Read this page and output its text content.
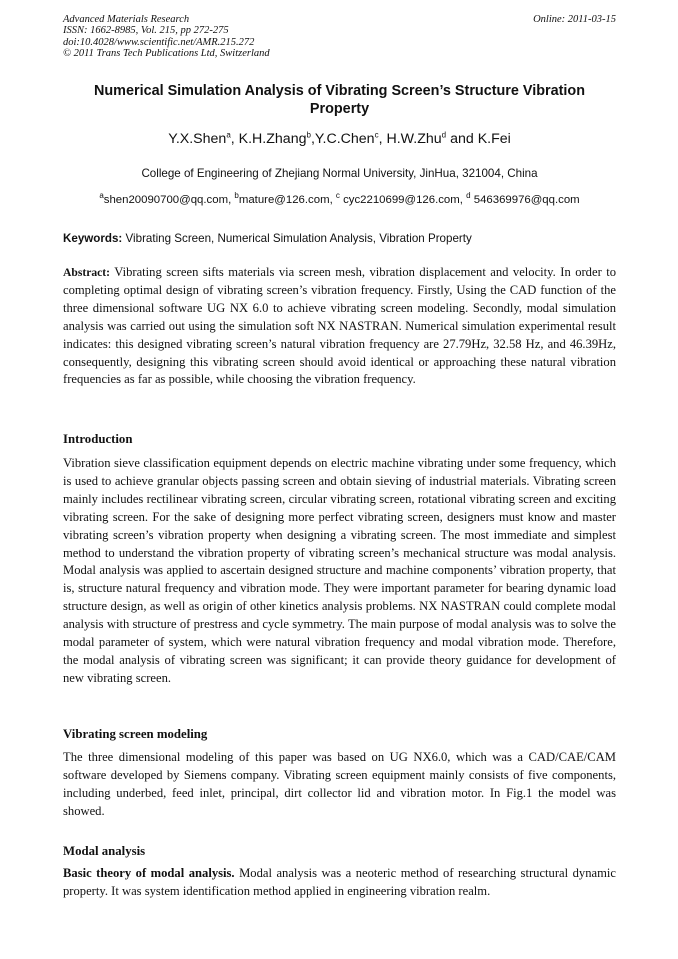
Advanced Materials Research
ISSN: 1662-8985, Vol. 215, pp 272-275
doi:10.4028/www.scientific.net/AMR.215.272
© 2011 Trans Tech Publications Ltd, Switzerland
Online: 2011-03-15
Numerical Simulation Analysis of Vibrating Screen’s Structure Vibration Property
Y.X.Shen$^a$, K.H.Zhang$^b$,Y.C.Chen$^c$, H.W.Zhu$^d$ and K.Fei
College of Engineering of Zhejiang Normal University, JinHua, 321004, China
$^a$shen20090700@qq.com, $^b$mature@126.com, $^c$ cyc2210699@126.com, $^d$ 546369976@qq.com
Keywords: Vibrating Screen, Numerical Simulation Analysis, Vibration Property
Abstract: Vibrating screen sifts materials via screen mesh, vibration displacement and velocity. In order to completing optimal design of vibrating screen’s vibration frequency. Firstly, Using the CAD function of the three dimensional software UG NX 6.0 to achieve vibrating screen modeling. Secondly, modal simulation analysis was carried out using the simulation soft NX NASTRAN. Numerical simulation experimental result indicates: this designed vibrating screen’s natural vibration frequency are 27.79Hz, 32.58 Hz, and 46.39Hz, consequently, designing this vibrating screen should avoid identical or approaching these natural vibration frequencies as far as possible, while choosing the vibration frequency.
Introduction
Vibration sieve classification equipment depends on electric machine vibrating under some frequency, which is used to achieve granular objects passing screen and obtain sieving of industrial materials. Vibrating screen mainly includes rectilinear vibrating screen, circular vibrating screen, rotational vibrating screen and exciting vibrating screen. For the sake of designing more perfect vibrating screen, designers must know and master vibrating screen’s vibration property when designing a vibrating screen. The most immediate and simplest method to understand the vibration property of vibrating screen’s mechanical structure was modal analysis. Modal analysis was applied to ascertain designed structure and machine components’ vibration property, that is, structure natural frequency and vibration mode. They were important parameter for bearing dynamic load structure design, as well as origin of other kinetics analysis problems. NX NASTRAN could complete modal analysis with structure of prestress and cycle symmetry. The main purpose of modal analysis was to solve the modal parameter of system, which were natural vibration frequency and modal vibration mode. Therefore, the modal analysis of vibrating screen was significant; it can provide theory guidance for development of new vibrating screen.
Vibrating screen modeling
The three dimensional modeling of this paper was based on UG NX6.0, which was a CAD/CAE/CAM software developed by Siemens company. Vibrating screen equipment mainly consists of five components, including underbed, feed inlet, principal, dirt collector lid and vibration motor. In Fig.1 the model was showed.
Modal analysis
Basic theory of modal analysis. Modal analysis was a neoteric method of researching structural dynamic property. It was system identification method applied in engineering vibration realm.
